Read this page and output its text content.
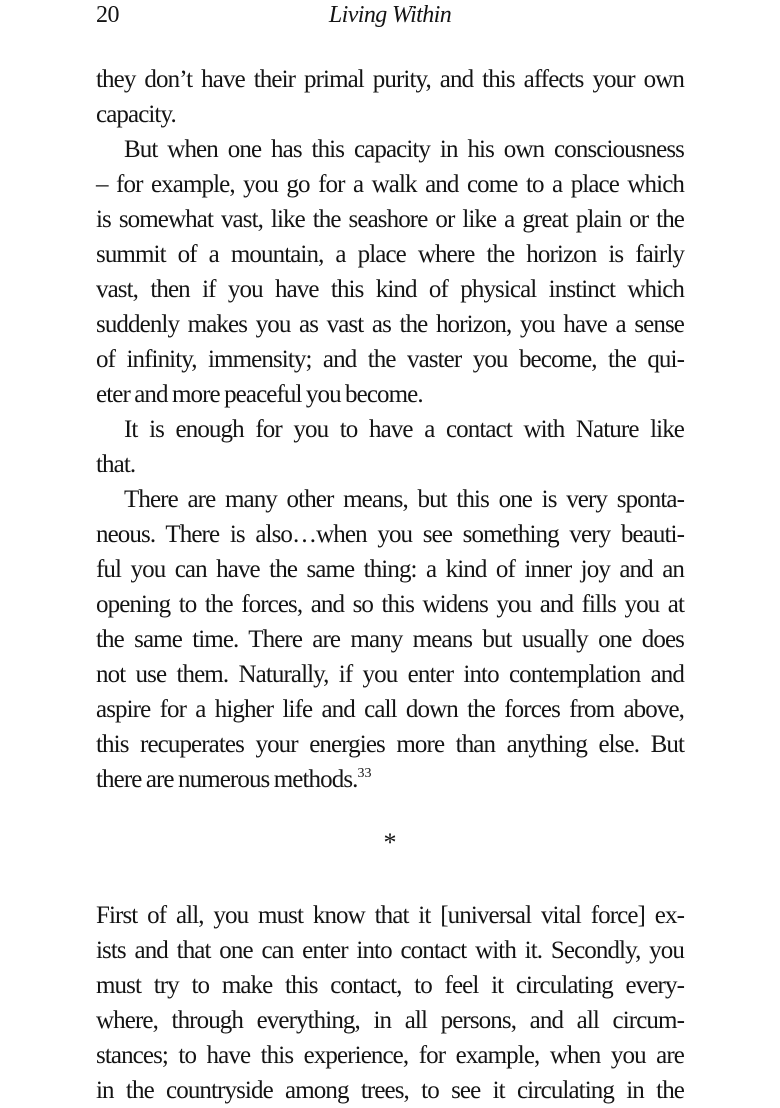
20	Living Within
they don’t have their primal purity, and this affects your own
capacity.
But when one has this capacity in his own consciousness
– for example, you go for a walk and come to a place which
is somewhat vast, like the seashore or like a great plain or the
summit of a mountain, a place where the horizon is fairly
vast, then if you have this kind of physical instinct which
suddenly makes you as vast as the horizon, you have a sense
of infinity, immensity; and the vaster you become, the qui-
eter and more peaceful you become.
It is enough for you to have a contact with Nature like
that.
There are many other means, but this one is very sponta-
neous. There is also…when you see something very beauti-
ful you can have the same thing: a kind of inner joy and an
opening to the forces, and so this widens you and fills you at
the same time. There are many means but usually one does
not use them. Naturally, if you enter into contemplation and
aspire for a higher life and call down the forces from above,
this recuperates your energies more than anything else. But
there are numerous methods.$^{33}$
*
First of all, you must know that it [universal vital force] ex-
ists and that one can enter into contact with it. Secondly, you
must try to make this contact, to feel it circulating every-
where, through everything, in all persons, and all circum-
stances; to have this experience, for example, when you are
in the countryside among trees, to see it circulating in the
